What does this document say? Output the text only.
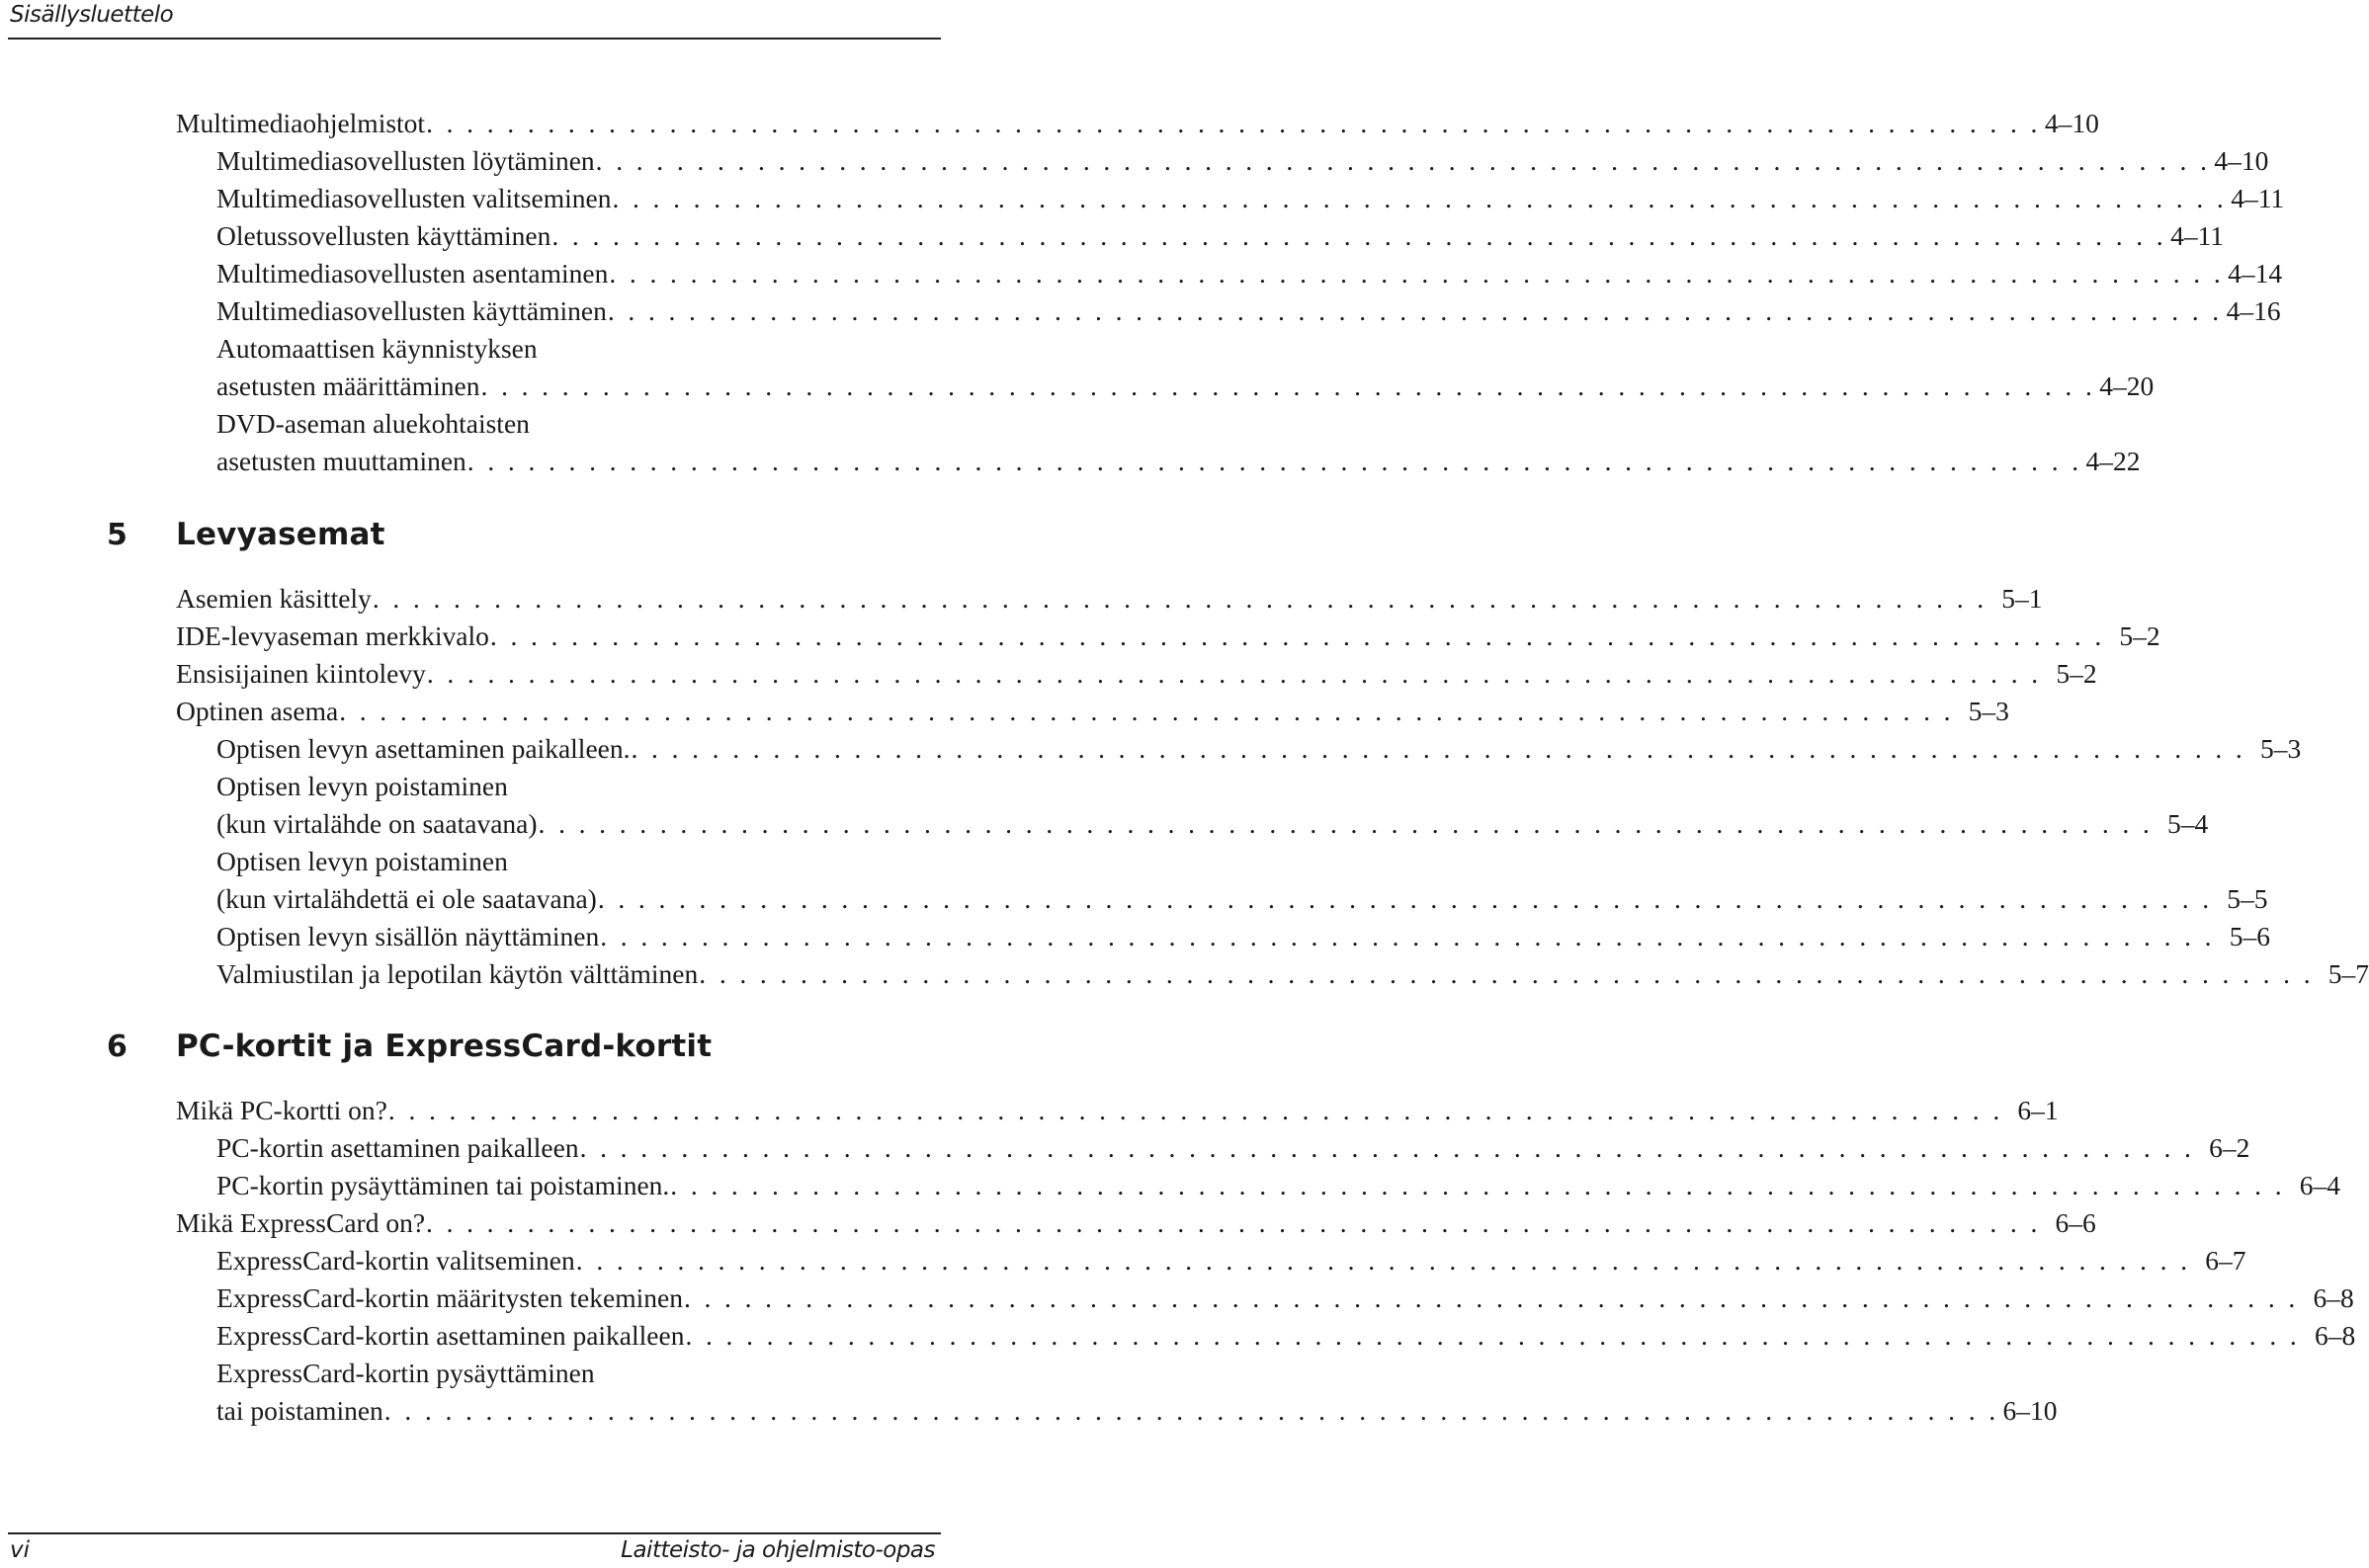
Sisällysluettelo
Multimediaohjelmistot . . . . . . . . . . . . . . . . . . . . . . . . . . . . . . . . . . . . . . . . . . . . . . . . . . . . . . . . . . . . . . . . . . . . . . . . . . . . . . . . 4–10
Multimediasovellusten löytäminen . . . . . . . . . . . . . . . . . . . . . . . . . . . . . . . . . . . . . . . . . . . . . . . . . . . . . . . . . . . . . . . . . . . . . . . . . . . . . . . . 4–10
Multimediasovellusten valitseminen . . . . . . . . . . . . . . . . . . . . . . . . . . . . . . . . . . . . . . . . . . . . . . . . . . . . . . . . . . . . . . . . . . . . . . . . . . . . . . . . 4–11
Oletussovellusten käyttäminen . . . . . . . . . . . . . . . . . . . . . . . . . . . . . . . . . . . . . . . . . . . . . . . . . . . . . . . . . . . . . . . . . . . . . . . . . . . . . . . . 4–11
Multimediasovellusten asentaminen . . . . . . . . . . . . . . . . . . . . . . . . . . . . . . . . . . . . . . . . . . . . . . . . . . . . . . . . . . . . . . . . . . . . . . . . . . . . . . . . 4–14
Multimediasovellusten käyttäminen . . . . . . . . . . . . . . . . . . . . . . . . . . . . . . . . . . . . . . . . . . . . . . . . . . . . . . . . . . . . . . . . . . . . . . . . . . . . . . . . 4–16
Automaattisen käynnistyksen
asetusten määrittäminen . . . . . . . . . . . . . . . . . . . . . . . . . . . . . . . . . . . . . . . . . . . . . . . . . . . . . . . . . . . . . . . . . . . . . . . . . . . . . . . . 4–20
DVD-aseman aluekohtaisten
asetusten muuttaminen . . . . . . . . . . . . . . . . . . . . . . . . . . . . . . . . . . . . . . . . . . . . . . . . . . . . . . . . . . . . . . . . . . . . . . . . . . . . . . . . 4–22
5 Levyasemat
Asemien käsittely . . . . . . . . . . . . . . . . . . . . . . . . . . . . . . . . . . . . . . . . . . . . . . . . . . . . . . . . . . . . . . . . . . . . . . . . . . . . . . . . 5–1
IDE-levyaseman merkkivalo . . . . . . . . . . . . . . . . . . . . . . . . . . . . . . . . . . . . . . . . . . . . . . . . . . . . . . . . . . . . . . . . . . . . . . . . . . . . . . . . 5–2
Ensisijainen kiintolevy . . . . . . . . . . . . . . . . . . . . . . . . . . . . . . . . . . . . . . . . . . . . . . . . . . . . . . . . . . . . . . . . . . . . . . . . . . . . . . . . 5–2
Optinen asema . . . . . . . . . . . . . . . . . . . . . . . . . . . . . . . . . . . . . . . . . . . . . . . . . . . . . . . . . . . . . . . . . . . . . . . . . . . . . . . . 5–3
Optisen levyn asettaminen paikalleen. . . . . . . . . . . . . . . . . . . . . . . . . . . . . . . . . . . . . . . . . . . . . . . . . . . . . . . . . . . . . . . . . . . . . . . . . . . . . . . . . 5–3
Optisen levyn poistaminen
(kun virtalähde on saatavana) . . . . . . . . . . . . . . . . . . . . . . . . . . . . . . . . . . . . . . . . . . . . . . . . . . . . . . . . . . . . . . . . . . . . . . . . . . . . . . . . 5–4
Optisen levyn poistaminen
(kun virtalähdettä ei ole saatavana) . . . . . . . . . . . . . . . . . . . . . . . . . . . . . . . . . . . . . . . . . . . . . . . . . . . . . . . . . . . . . . . . . . . . . . . . . . . . . . . . 5–5
Optisen levyn sisällön näyttäminen . . . . . . . . . . . . . . . . . . . . . . . . . . . . . . . . . . . . . . . . . . . . . . . . . . . . . . . . . . . . . . . . . . . . . . . . . . . . . . . . 5–6
Valmiustilan ja lepotilan käytön välttäminen . . . . . . . . . . . . . . . . . . . . . . . . . . . . . . . . . . . . . . . . . . . . . . . . . . . . . . . . . . . . . . . . . . . . . . . . . . . . . . . . 5–7
6 PC-kortit ja ExpressCard-kortit
Mikä PC-kortti on? . . . . . . . . . . . . . . . . . . . . . . . . . . . . . . . . . . . . . . . . . . . . . . . . . . . . . . . . . . . . . . . . . . . . . . . . . . . . . . . . 6–1
PC-kortin asettaminen paikalleen . . . . . . . . . . . . . . . . . . . . . . . . . . . . . . . . . . . . . . . . . . . . . . . . . . . . . . . . . . . . . . . . . . . . . . . . . . . . . . . . 6–2
PC-kortin pysäyttäminen tai poistaminen. . . . . . . . . . . . . . . . . . . . . . . . . . . . . . . . . . . . . . . . . . . . . . . . . . . . . . . . . . . . . . . . . . . . . . . . . . . . . . . . . 6–4
Mikä ExpressCard on? . . . . . . . . . . . . . . . . . . . . . . . . . . . . . . . . . . . . . . . . . . . . . . . . . . . . . . . . . . . . . . . . . . . . . . . . . . . . . . . . 6–6
ExpressCard-kortin valitseminen . . . . . . . . . . . . . . . . . . . . . . . . . . . . . . . . . . . . . . . . . . . . . . . . . . . . . . . . . . . . . . . . . . . . . . . . . . . . . . . . 6–7
ExpressCard-kortin määritysten tekeminen . . . . . . . . . . . . . . . . . . . . . . . . . . . . . . . . . . . . . . . . . . . . . . . . . . . . . . . . . . . . . . . . . . . . . . . . . . . . . . . . 6–8
ExpressCard-kortin asettaminen paikalleen . . . . . . . . . . . . . . . . . . . . . . . . . . . . . . . . . . . . . . . . . . . . . . . . . . . . . . . . . . . . . . . . . . . . . . . . . . . . . . . . 6–8
ExpressCard-kortin pysäyttäminen
tai poistaminen . . . . . . . . . . . . . . . . . . . . . . . . . . . . . . . . . . . . . . . . . . . . . . . . . . . . . . . . . . . . . . . . . . . . . . . . . . . . . . . . 6–10
vi	Laitteisto- ja ohjelmisto-opas
